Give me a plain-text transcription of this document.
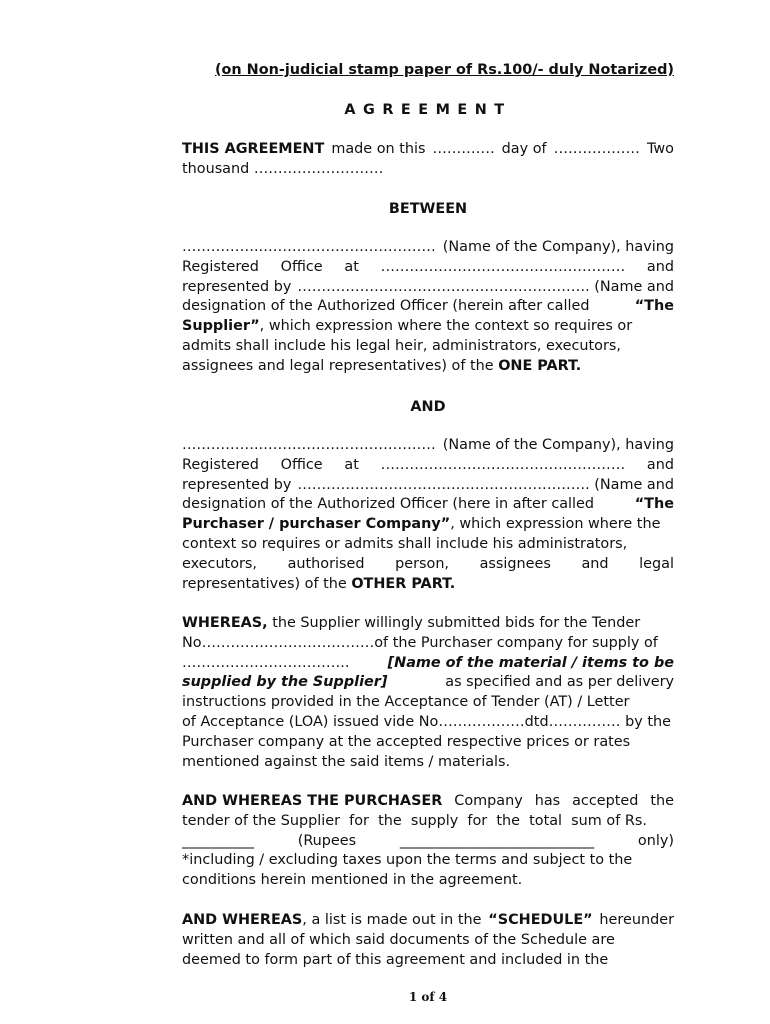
(on Non-judicial stamp paper of Rs.100/- duly Notarized)
AGREEMENT
THIS AGREEMENT made on this …………. day of ……………… Two
thousand ………………………
BETWEEN
……………..……………………………… (Name of the Company), having
Registered Office at …………………………………………… and
represented by ……………………………………………………. (Name and
designation of the Authorized Officer (herein after called	“The
Supplier”, which expression where the context so requires or
admits shall include his legal heir, administrators, executors,
assignees and legal representatives) of the ONE PART.
AND
……………..……………………………… (Name of the Company), having
Registered Office at …………………………………………… and
represented by ……………………………………………………. (Name and
designation of the Authorized Officer (here in after called	“The
Purchaser / purchaser Company”, which expression where the
context so requires or admits shall include his administrators,
executors, authorised person, assignees and legal
representatives) of the OTHER PART.
WHEREAS, the Supplier willingly submitted bids for the Tender
No………………………………of the Purchaser company for supply of
……………………………..	[Name of the material / items to be
supplied by the Supplier]	as specified and as per delivery
instructions provided in the Acceptance of Tender (AT) / Letter
of Acceptance (LOA) issued vide No………………dtd…………… by the
Purchaser company at the accepted respective prices or rates
mentioned against the said items / materials.
AND WHEREAS THE PURCHASER Company has accepted the
tender of the Supplier  for  the  supply  for  the  total  sum of Rs.
__________	(Rupees	___________________________	only)
*including / excluding taxes upon the terms and subject to the
conditions herein mentioned in the agreement.
AND WHEREAS, a list is made out in the “SCHEDULE” hereunder
written and all of which said documents of the Schedule are
deemed to form part of this agreement and included in the
1 of 4
